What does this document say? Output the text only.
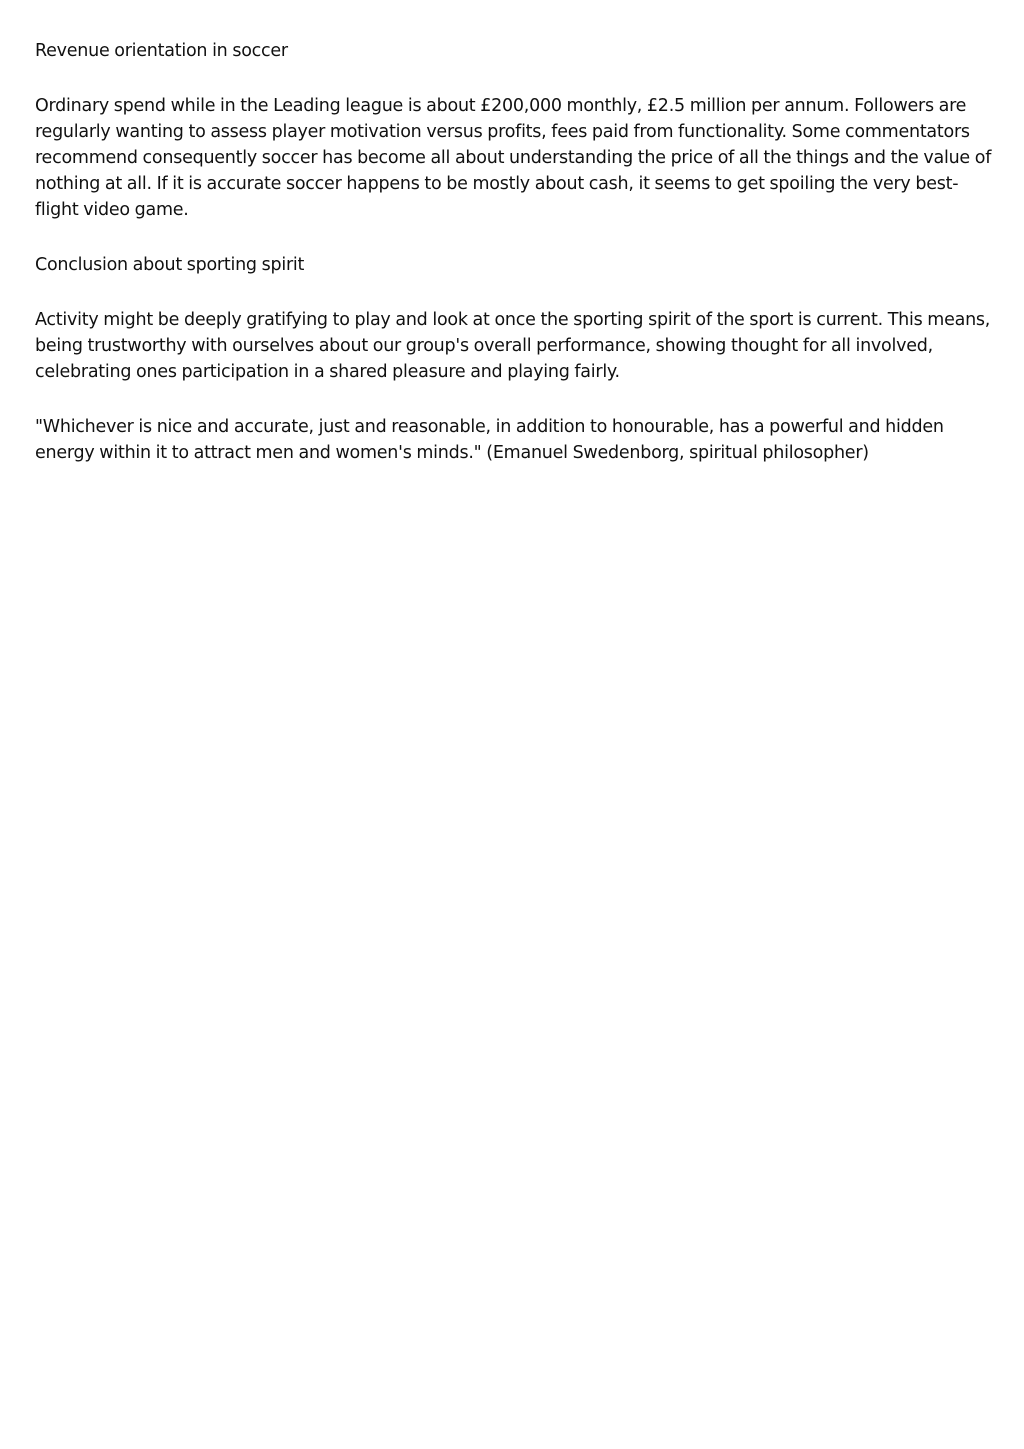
Revenue orientation in soccer

Ordinary spend while in the Leading league is about £200,000 monthly, £2.5 million per annum. Followers are regularly wanting to assess player motivation versus profits, fees paid from functionality. Some commentators recommend consequently soccer has become all about understanding the price of all the things and the value of nothing at all. If it is accurate soccer happens to be mostly about cash, it seems to get spoiling the very best-flight video game.

Conclusion about sporting spirit

Activity might be deeply gratifying to play and look at once the sporting spirit of the sport is current. This means, being trustworthy with ourselves about our group's overall performance, showing thought for all involved, celebrating ones participation in a shared pleasure and playing fairly.

"Whichever is nice and accurate, just and reasonable, in addition to honourable, has a powerful and hidden energy within it to attract men and women's minds." (Emanuel Swedenborg, spiritual philosopher)
